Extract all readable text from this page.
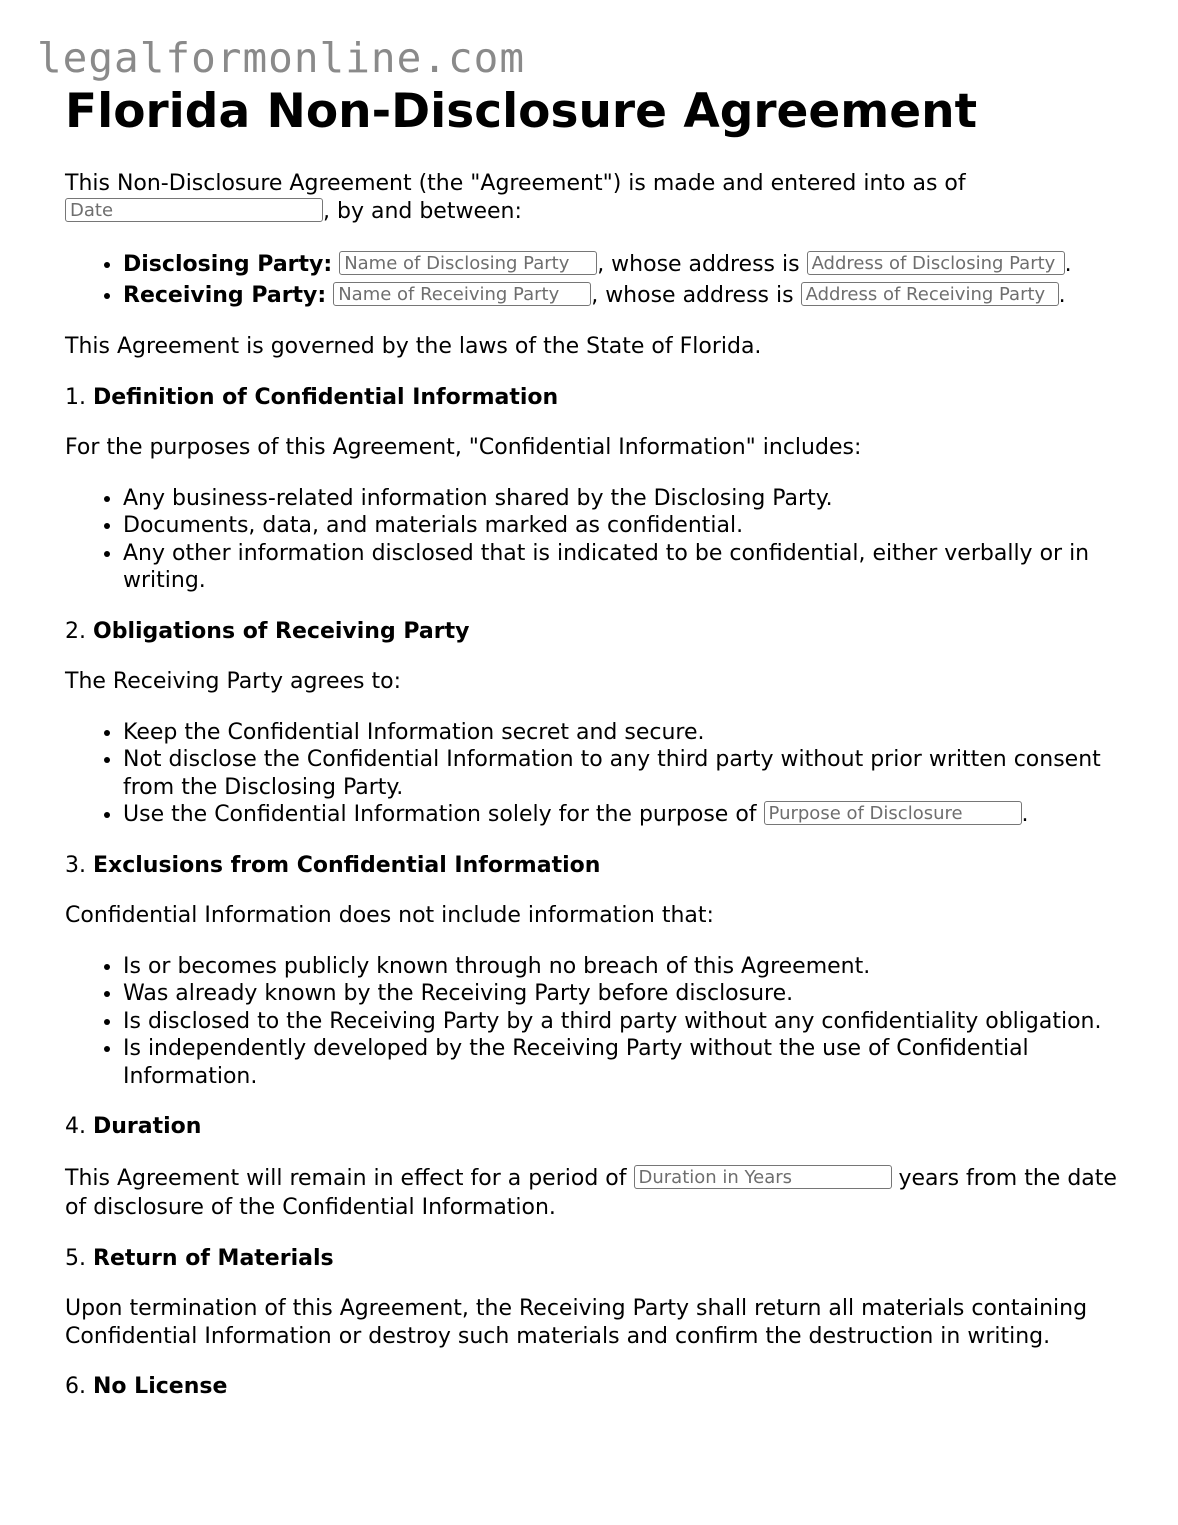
legalformonline.com
Florida Non-Disclosure Agreement

This Non-Disclosure Agreement (the "Agreement") is made and entered into as of
Date	, by and between:

• Disclosing Party: Name of Disclosing Party , whose address is Address of Disclosing Party .
• Receiving Party: Name of Receiving Party , whose address is Address of Receiving Party .

This Agreement is governed by the laws of the State of Florida.

1. Definition of Confidential Information

For the purposes of this Agreement, "Confidential Information" includes:

• Any business-related information shared by the Disclosing Party.
• Documents, data, and materials marked as confidential.
• Any other information disclosed that is indicated to be confidential, either verbally or in writing.

2. Obligations of Receiving Party

The Receiving Party agrees to:

• Keep the Confidential Information secret and secure.
• Not disclose the Confidential Information to any third party without prior written consent from the Disclosing Party.
• Use the Confidential Information solely for the purpose of Purpose of Disclosure	.

3. Exclusions from Confidential Information

Confidential Information does not include information that:

• Is or becomes publicly known through no breach of this Agreement.
• Was already known by the Receiving Party before disclosure.
• Is disclosed to the Receiving Party by a third party without any confidentiality obligation.
• Is independently developed by the Receiving Party without the use of Confidential Information.

4. Duration

This Agreement will remain in effect for a period of Duration in Years	years from the date of disclosure of the Confidential Information.

5. Return of Materials

Upon termination of this Agreement, the Receiving Party shall return all materials containing Confidential Information or destroy such materials and confirm the destruction in writing.

6. No License
